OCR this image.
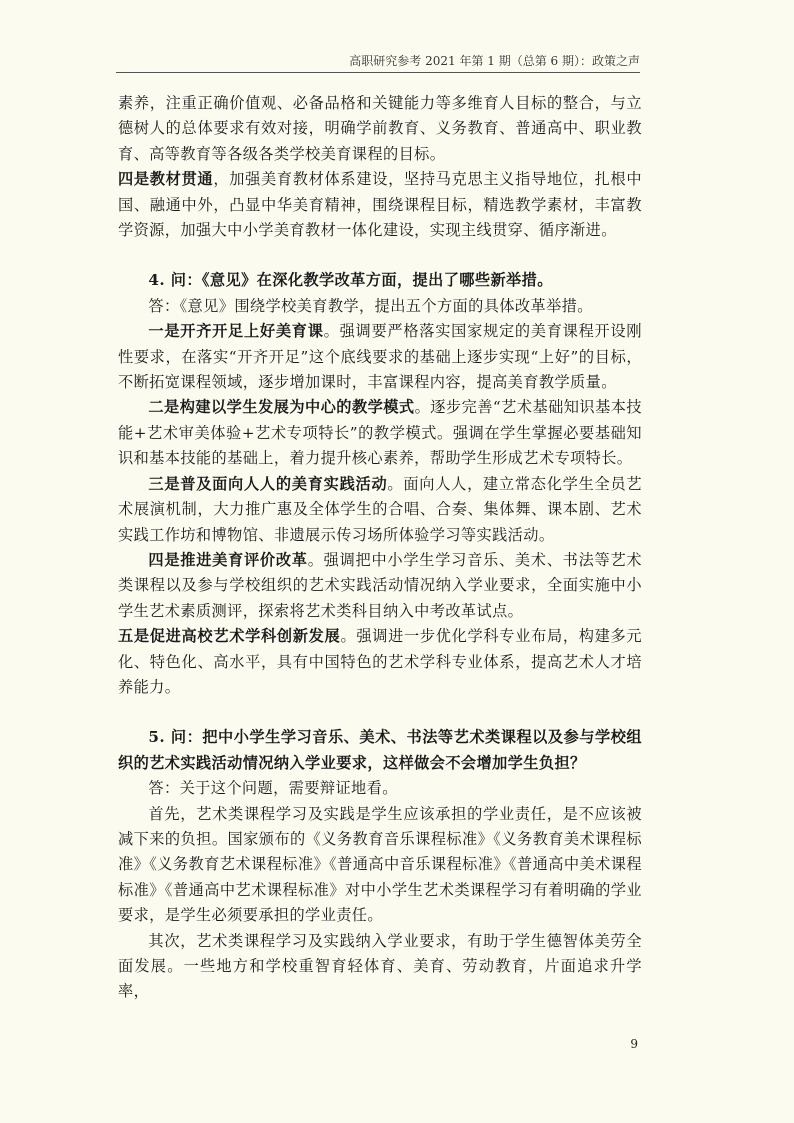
高职研究参考 2021 年第 1 期（总第 6 期）：政策之声

素养，注重正确价值观、必备品格和关键能力等多维育人目标的整合，与立德树人的总体要求有效对接，明确学前教育、义务教育、普通高中、职业教育、高等教育等各级各类学校美育课程的目标。

四是教材贯通，加强美育教材体系建设，坚持马克思主义指导地位，扎根中国、融通中外，凸显中华美育精神，围绕课程目标，精选教学素材，丰富教学资源，加强大中小学美育教材一体化建设，实现主线贯穿、循序渐进。

4. 问：《意见》在深化教学改革方面，提出了哪些新举措。

答：《意见》围绕学校美育教学，提出五个方面的具体改革举措。

一是开齐开足上好美育课。强调要严格落实国家规定的美育课程开设刚性要求，在落实“开齐开足”这个底线要求的基础上逐步实现“上好”的目标，不断拓宽课程领域，逐步增加课时，丰富课程内容，提高美育教学质量。

二是构建以学生发展为中心的教学模式。逐步完善“艺术基础知识基本技能+艺术审美体验+艺术专项特长”的教学模式。强调在学生掌握必要基础知识和基本技能的基础上，着力提升核心素养，帮助学生形成艺术专项特长。

三是普及面向人人的美育实践活动。面向人人，建立常态化学生全员艺术展演机制，大力推广惠及全体学生的合唱、合奏、集体舞、课本剧、艺术实践工作坊和博物馆、非遗展示传习场所体验学习等实践活动。

四是推进美育评价改革。强调把中小学生学习音乐、美术、书法等艺术类课程以及参与学校组织的艺术实践活动情况纳入学业要求，全面实施中小学生艺术素质测评，探索将艺术类科目纳入中考改革试点。

五是促进高校艺术学科创新发展。强调进一步优化学科专业布局，构建多元化、特色化、高水平，具有中国特色的艺术学科专业体系，提高艺术人才培养能力。

5. 问：把中小学生学习音乐、美术、书法等艺术类课程以及参与学校组织的艺术实践活动情况纳入学业要求，这样做会不会增加学生负担？

答：关于这个问题，需要辩证地看。

首先，艺术类课程学习及实践是学生应该承担的学业责任，是不应该被减下来的负担。国家颁布的《义务教育音乐课程标准》《义务教育美术课程标准》《义务教育艺术课程标准》《普通高中音乐课程标准》《普通高中美术课程标准》《普通高中艺术课程标准》对中小学生艺术类课程学习有着明确的学业要求，是学生必须要承担的学业责任。

其次，艺术类课程学习及实践纳入学业要求，有助于学生德智体美劳全面发展。一些地方和学校重智育轻体育、美育、劳动教育，片面追求升学率，

9
